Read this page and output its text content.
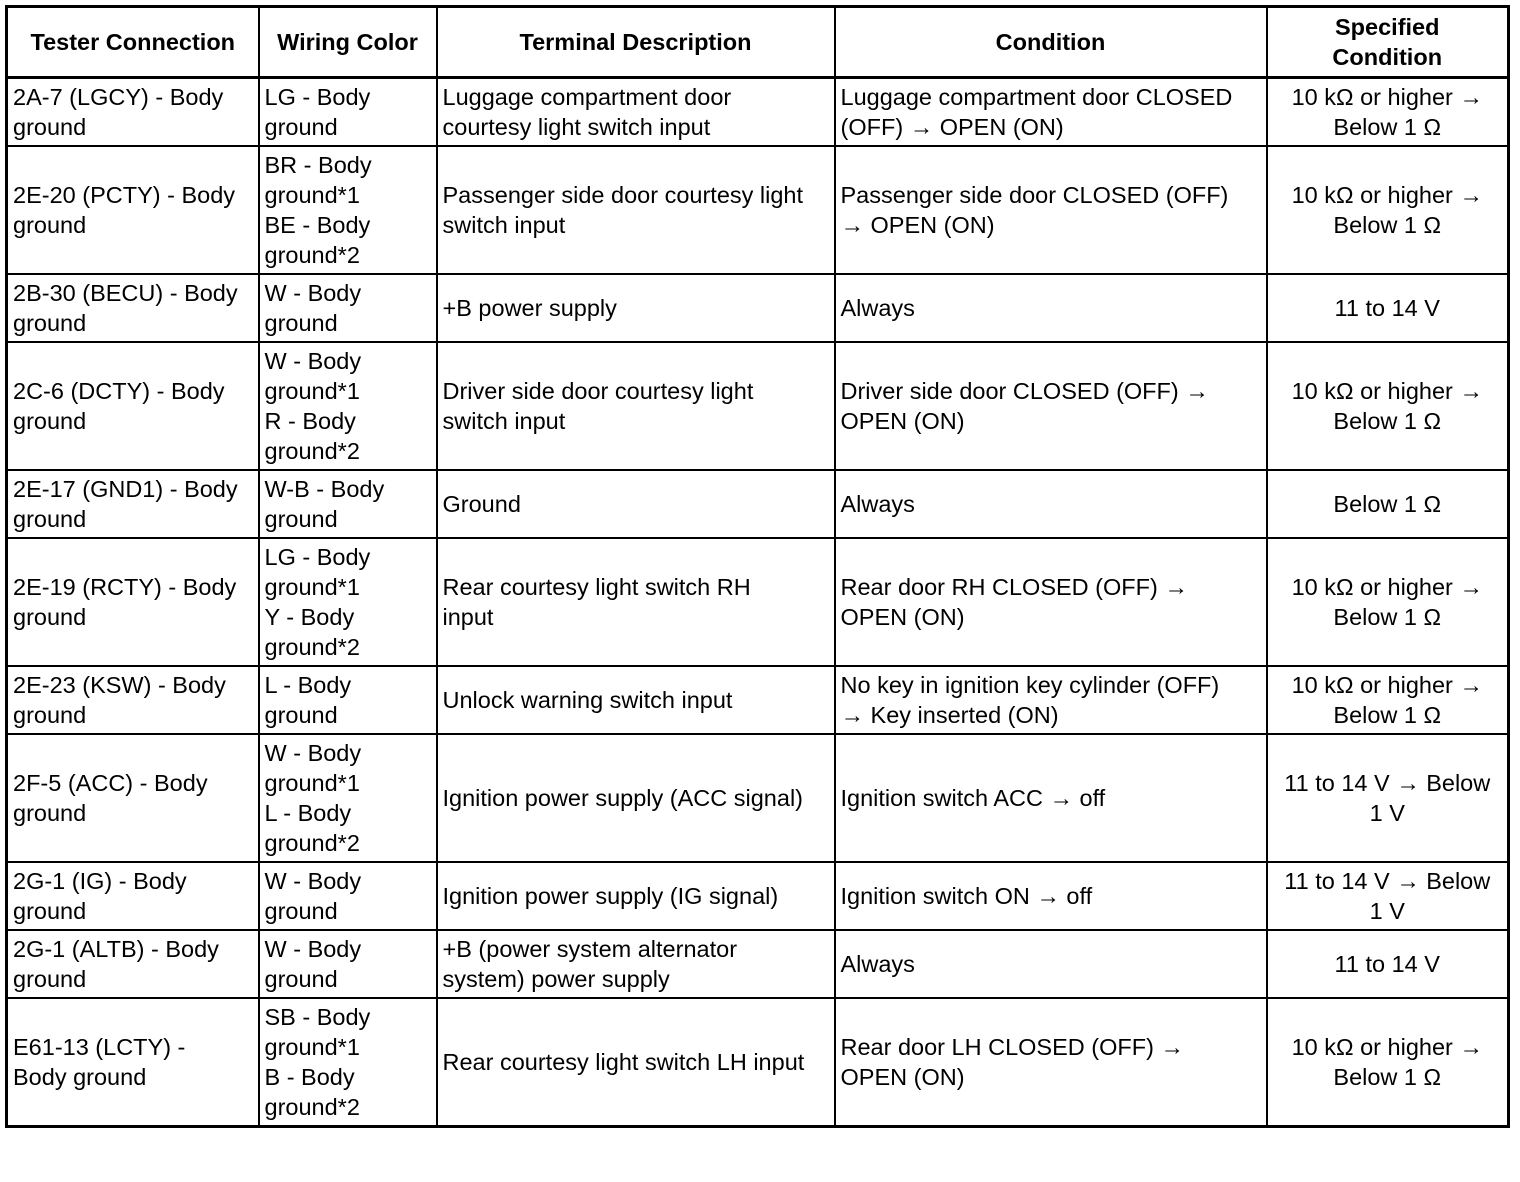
Tester Connection	Wiring Color	Terminal Description	Condition	Specified
Condition

2A-7 (LGCY) - Body
ground	LG - Body
ground	Luggage compartment door
courtesy light switch input	Luggage compartment door CLOSED
(OFF) → OPEN (ON)	10 kΩ or higher →
Below 1 Ω

2E-20 (PCTY) - Body
ground	BR - Body
ground*1
BE - Body
ground*2	Passenger side door courtesy light
switch input	Passenger side door CLOSED (OFF)
→ OPEN (ON)	10 kΩ or higher →
Below 1 Ω

2B-30 (BECU) - Body
ground	W - Body
ground	+B power supply	Always	11 to 14 V

2C-6 (DCTY) - Body
ground	W - Body
ground*1
R - Body
ground*2	Driver side door courtesy light
switch input	Driver side door CLOSED (OFF) →
OPEN (ON)	10 kΩ or higher →
Below 1 Ω

2E-17 (GND1) - Body
ground	W-B - Body
ground	Ground	Always	Below 1 Ω

2E-19 (RCTY) - Body
ground	LG - Body
ground*1
Y - Body
ground*2	Rear courtesy light switch RH
input	Rear door RH CLOSED (OFF) →
OPEN (ON)	10 kΩ or higher →
Below 1 Ω

2E-23 (KSW) - Body
ground	L - Body
ground	Unlock warning switch input	No key in ignition key cylinder (OFF)
→ Key inserted (ON)	10 kΩ or higher →
Below 1 Ω

2F-5 (ACC) - Body
ground	W - Body
ground*1
L - Body
ground*2	Ignition power supply (ACC signal)	Ignition switch ACC → off	11 to 14 V → Below
1 V

2G-1 (IG) - Body
ground	W - Body
ground	Ignition power supply (IG signal)	Ignition switch ON → off	11 to 14 V → Below
1 V

2G-1 (ALTB) - Body
ground	W - Body
ground	+B (power system alternator
system) power supply	Always	11 to 14 V

E61-13 (LCTY) -
Body ground	SB - Body
ground*1
B - Body
ground*2	Rear courtesy light switch LH input	Rear door LH CLOSED (OFF) →
OPEN (ON)	10 kΩ or higher →
Below 1 Ω
